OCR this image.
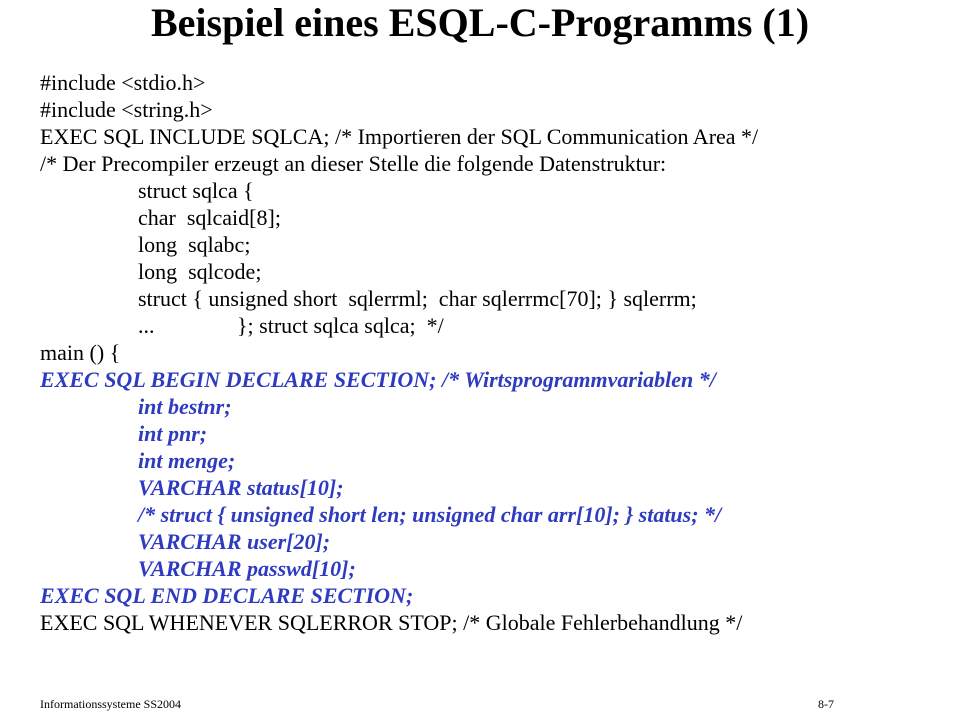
Beispiel eines ESQL-C-Programms (1)
#include <stdio.h>
#include <string.h>
EXEC SQL INCLUDE SQLCA; /* Importieren der SQL Communication Area */
/* Der Precompiler erzeugt an dieser Stelle die folgende Datenstruktur:
struct sqlca {
char  sqlcaid[8];
long  sqlabc;
long  sqlcode;
struct { unsigned short  sqlerrml;  char sqlerrmc[70]; } sqlerrm;
...               }; struct sqlca sqlca;  */
main () {
EXEC SQL BEGIN DECLARE SECTION; /* Wirtsprogrammvariablen */
int bestnr;
int pnr;
int menge;
VARCHAR status[10];
/* struct { unsigned short len; unsigned char arr[10]; } status; */
VARCHAR user[20];
VARCHAR passwd[10];
EXEC SQL END DECLARE SECTION;
EXEC SQL WHENEVER SQLERROR STOP; /* Globale Fehlerbehandlung */
Informationssysteme SS2004	8-7
